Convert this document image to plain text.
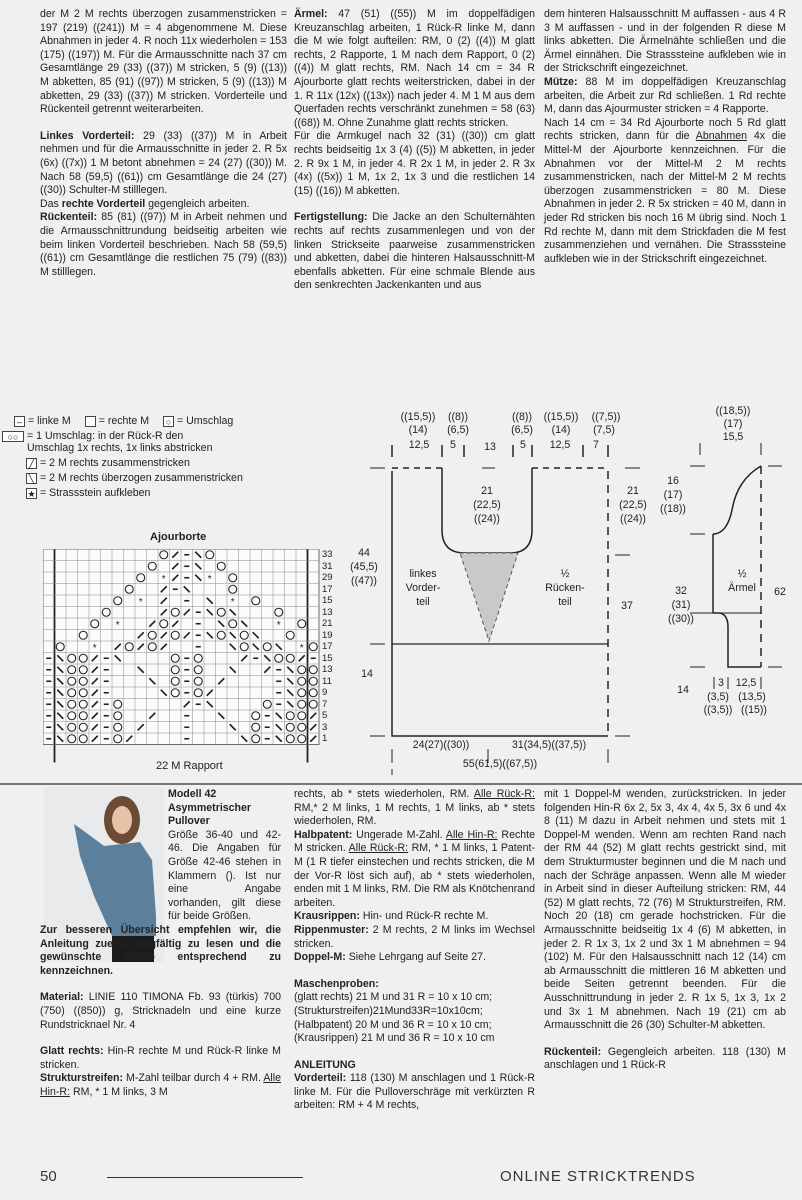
der M 2 M rechts überzogen zusammenstricken = 197 (219) ((241)) M = 4 abgenommene M. Diese Abnahmen in jeder 4. R noch 11x wiederholen = 153 (175) ((197)) M. Für die Armausschnitte nach 37 cm Gesamtlänge 29 (33) ((37)) M stricken, 5 (9) ((13)) M abketten, 85 (91) ((97)) M stricken, 5 (9) ((13)) M abketten, 29 (33) ((37)) M stricken. Vorderteile und Rückenteil getrennt weiterarbeiten.

Linkes Vorderteil: 29 (33) ((37)) M in Arbeit nehmen und für die Armausschnitte in jeder 2. R 5x (6x) ((7x)) 1 M betont abnehmen = 24 (27) ((30)) M. Nach 58 (59,5) ((61)) cm Gesamtlänge die 24 (27) ((30)) Schulter-M stilllegen.

Das rechte Vorderteil gegengleich arbeiten.

Rückenteil: 85 (81) ((97)) M in Arbeit nehmen und die Armausschnittrundung beidseitig arbeiten wie beim linken Vorderteil beschrieben. Nach 58 (59,5) ((61)) cm Gesamtlänge die restlichen 75 (79) ((83)) M stilllegen.

Ärmel: 47 (51) ((55)) M im doppelfädigen Kreuzanschlag arbeiten, 1 Rück-R linke M, dann die M wie folgt aufteilen: RM, 0 (2) ((4)) M glatt rechts, 2 Rapporte, 1 M nach dem Rapport, 0 (2) ((4)) M glatt rechts, RM. Nach 14 cm = 34 R Ajourborte glatt rechts weiterstricken, dabei in der 1. R 11x (12x) ((13x)) nach jeder 4. M 1 M aus dem Querfaden rechts verschränkt zunehmen = 58 (63) ((68)) M. Ohne Zunahme glatt rechts stricken.

Für die Armkugel nach 32 (31) ((30)) cm glatt rechts beidseitig 1x 3 (4) ((5)) M abketten, in jeder 2. R 9x 1 M, in jeder 4. R 2x 1 M, in jeder 2. R 3x (4x) ((5x)) 1 M, 1x 2, 1x 3 und die restlichen 14 (15) ((16)) M abketten.

Fertigstellung: Die Jacke an den Schulternähten rechts auf rechts zusammenlegen und von der linken Strickseite paarweise zusammenstricken und abketten, dabei die hinteren Halsausschnitt-M ebenfalls abketten. Für eine schmale Blende aus den senkrechten Jackenkanten und aus

dem hinteren Halsausschnitt M auffassen - aus 4 R 3 M auffassen - und in der folgenden R diese M links abketten. Die Ärmelnähte schließen und die Ärmel einnähen. Die Strasssteine aufkleben wie in der Strickschrift eingezeichnet.

Mütze: 88 M im doppelfädigen Kreuzanschlag arbeiten, die Arbeit zur Rd schließen. 1 Rd rechte M, dann das Ajourmuster stricken = 4 Rapporte.

Nach 14 cm = 34 Rd Ajourborte noch 5 Rd glatt rechts stricken, dann für die Abnahmen 4x die Mittel-M der Ajourborte kennzeichnen. Für die Abnahmen vor der Mittel-M 2 M rechts zusammenstricken, nach der Mittel-M 2 M rechts überzogen zusammenstricken = 80 M. Diese Abnahmen in jeder 2. R 5x stricken = 40 M, dann in jeder Rd stricken bis noch 16 M übrig sind. Noch 1 Rd rechte M, dann mit dem Strickfaden die M fest zusammenziehen und vernähen. Die Strasssteine aufkleben wie in der Strickschrift eingezeichnet.

– = linke M	= rechte M	○ = Umschlag
○○ = 1 Umschlag: in der Rück-R den
Umschlag 1x rechts, 1x links abstricken
╱ = 2 M rechts zusammenstricken
╲ = 2 M rechts überzogen zusammenstricken
★ = Strassstein aufkleben
Ajourborte
*	*
*	*
*	*
*	*
33
31
29
17
15
13
21
19
17
15
13
11
9
7
5
3
1
22 M Rapport
((15,5))
(14)
12,5
((8))
(6,5)
5	13
((8))
(6,5)
5
((15,5))
(14)
12,5
((7,5))
(7,5)
7
21
(22,5)
((24))
44
(45,5)
((47))
linkes
Vorder-
teil
½
Rücken-
teil
21
(22,5)
((24))
37
14
24(27)((30))	31(34,5)((37,5))
55(61,5)((67,5))
((18,5))
(17)
15,5
16
(17)
((18))
½
Ärmel
32
(31)
((30))
62
14
3
(3,5)
((3,5))
12,5
(13,5)
((15))
Modell 42
Asymmetrischer
Pullover

Größe 36-40 und 42-46. Die Angaben für Größe 42-46 stehen in Klammern (). Ist nur eine Angabe vorhanden, gilt diese für beide Größen.

Zur besseren Übersicht empfehlen wir, die Anleitung zuerst sorgfältig zu lesen und die gewünschte Größe entsprechend zu kennzeichnen.

Material: LINIE 110 TIMONA Fb. 93 (türkis) 700 (750) ((850)) g, Stricknadeln und eine kurze Rundstricknael Nr. 4

Glatt rechts: Hin-R rechte M und Rück-R linke M stricken.

Strukturstreifen: M-Zahl teilbar durch 4 + RM. Alle Hin-R: RM, * 1 M links, 3 M

rechts, ab * stets wiederholen, RM. Alle Rück-R: RM,* 2 M links, 1 M rechts, 1 M links, ab * stets wiederholen, RM.

Halbpatent: Ungerade M-Zahl. Alle Hin-R: Rechte M stricken. Alle Rück-R: RM, * 1 M links, 1 Patent-M (1 R tiefer einstechen und rechts stricken, die M der Vor-R löst sich auf), ab * stets wiederholen, enden mit 1 M links, RM. Die RM als Knötchenrand arbeiten.

Krausrippen: Hin- und Rück-R rechte M.

Rippenmuster: 2 M rechts, 2 M links im Wechsel stricken.

Doppel-M: Siehe Lehrgang auf Seite 27.

Maschenproben:

(glatt rechts) 21 M und 31 R = 10 x 10 cm;

(Strukturstreifen)21Mund33R=10x10cm;

(Halbpatent) 20 M und 36 R = 10 x 10 cm;

(Krausrippen) 21 M und 36 R = 10 x 10 cm

ANLEITUNG

Vorderteil: 118 (130) M anschlagen und 1 Rück-R linke M. Für die Pulloverschräge mit verkürzten R arbeiten: RM + 4 M rechts,

mit 1 Doppel-M wenden, zurückstricken. In jeder folgenden Hin-R 6x 2, 5x 3, 4x 4, 4x 5, 3x 6 und 4x 8 (11) M dazu in Arbeit nehmen und stets mit 1 Doppel-M wenden. Wenn am rechten Rand nach der RM 44 (52) M glatt rechts gestrickt sind, mit dem Strukturmuster beginnen und die M nach und nach der Schräge anpassen. Wenn alle M wieder in Arbeit sind in dieser Aufteilung stricken: RM, 44 (52) M glatt rechts, 72 (76) M Strukturstreifen, RM. Noch 20 (18) cm gerade hochstricken. Für die Armausschnitte beidseitig 1x 4 (6) M abketten, in jeder 2. R 1x 3, 1x 2 und 3x 1 M abnehmen = 94 (102) M. Für den Halsausschnitt nach 12 (14) cm ab Armausschnitt die mittleren 16 M abketten und beide Seiten getrennt beenden. Für die Ausschnittrundung in jeder 2. R 1x 5, 1x 3, 1x 2 und 3x 1 M abnehmen. Nach 19 (21) cm ab Armausschnitt die 26 (30) Schulter-M abketten.

Rückenteil: Gegengleich arbeiten. 118 (130) M anschlagen und 1 Rück-R

50	ONLINE STRICKTRENDS
